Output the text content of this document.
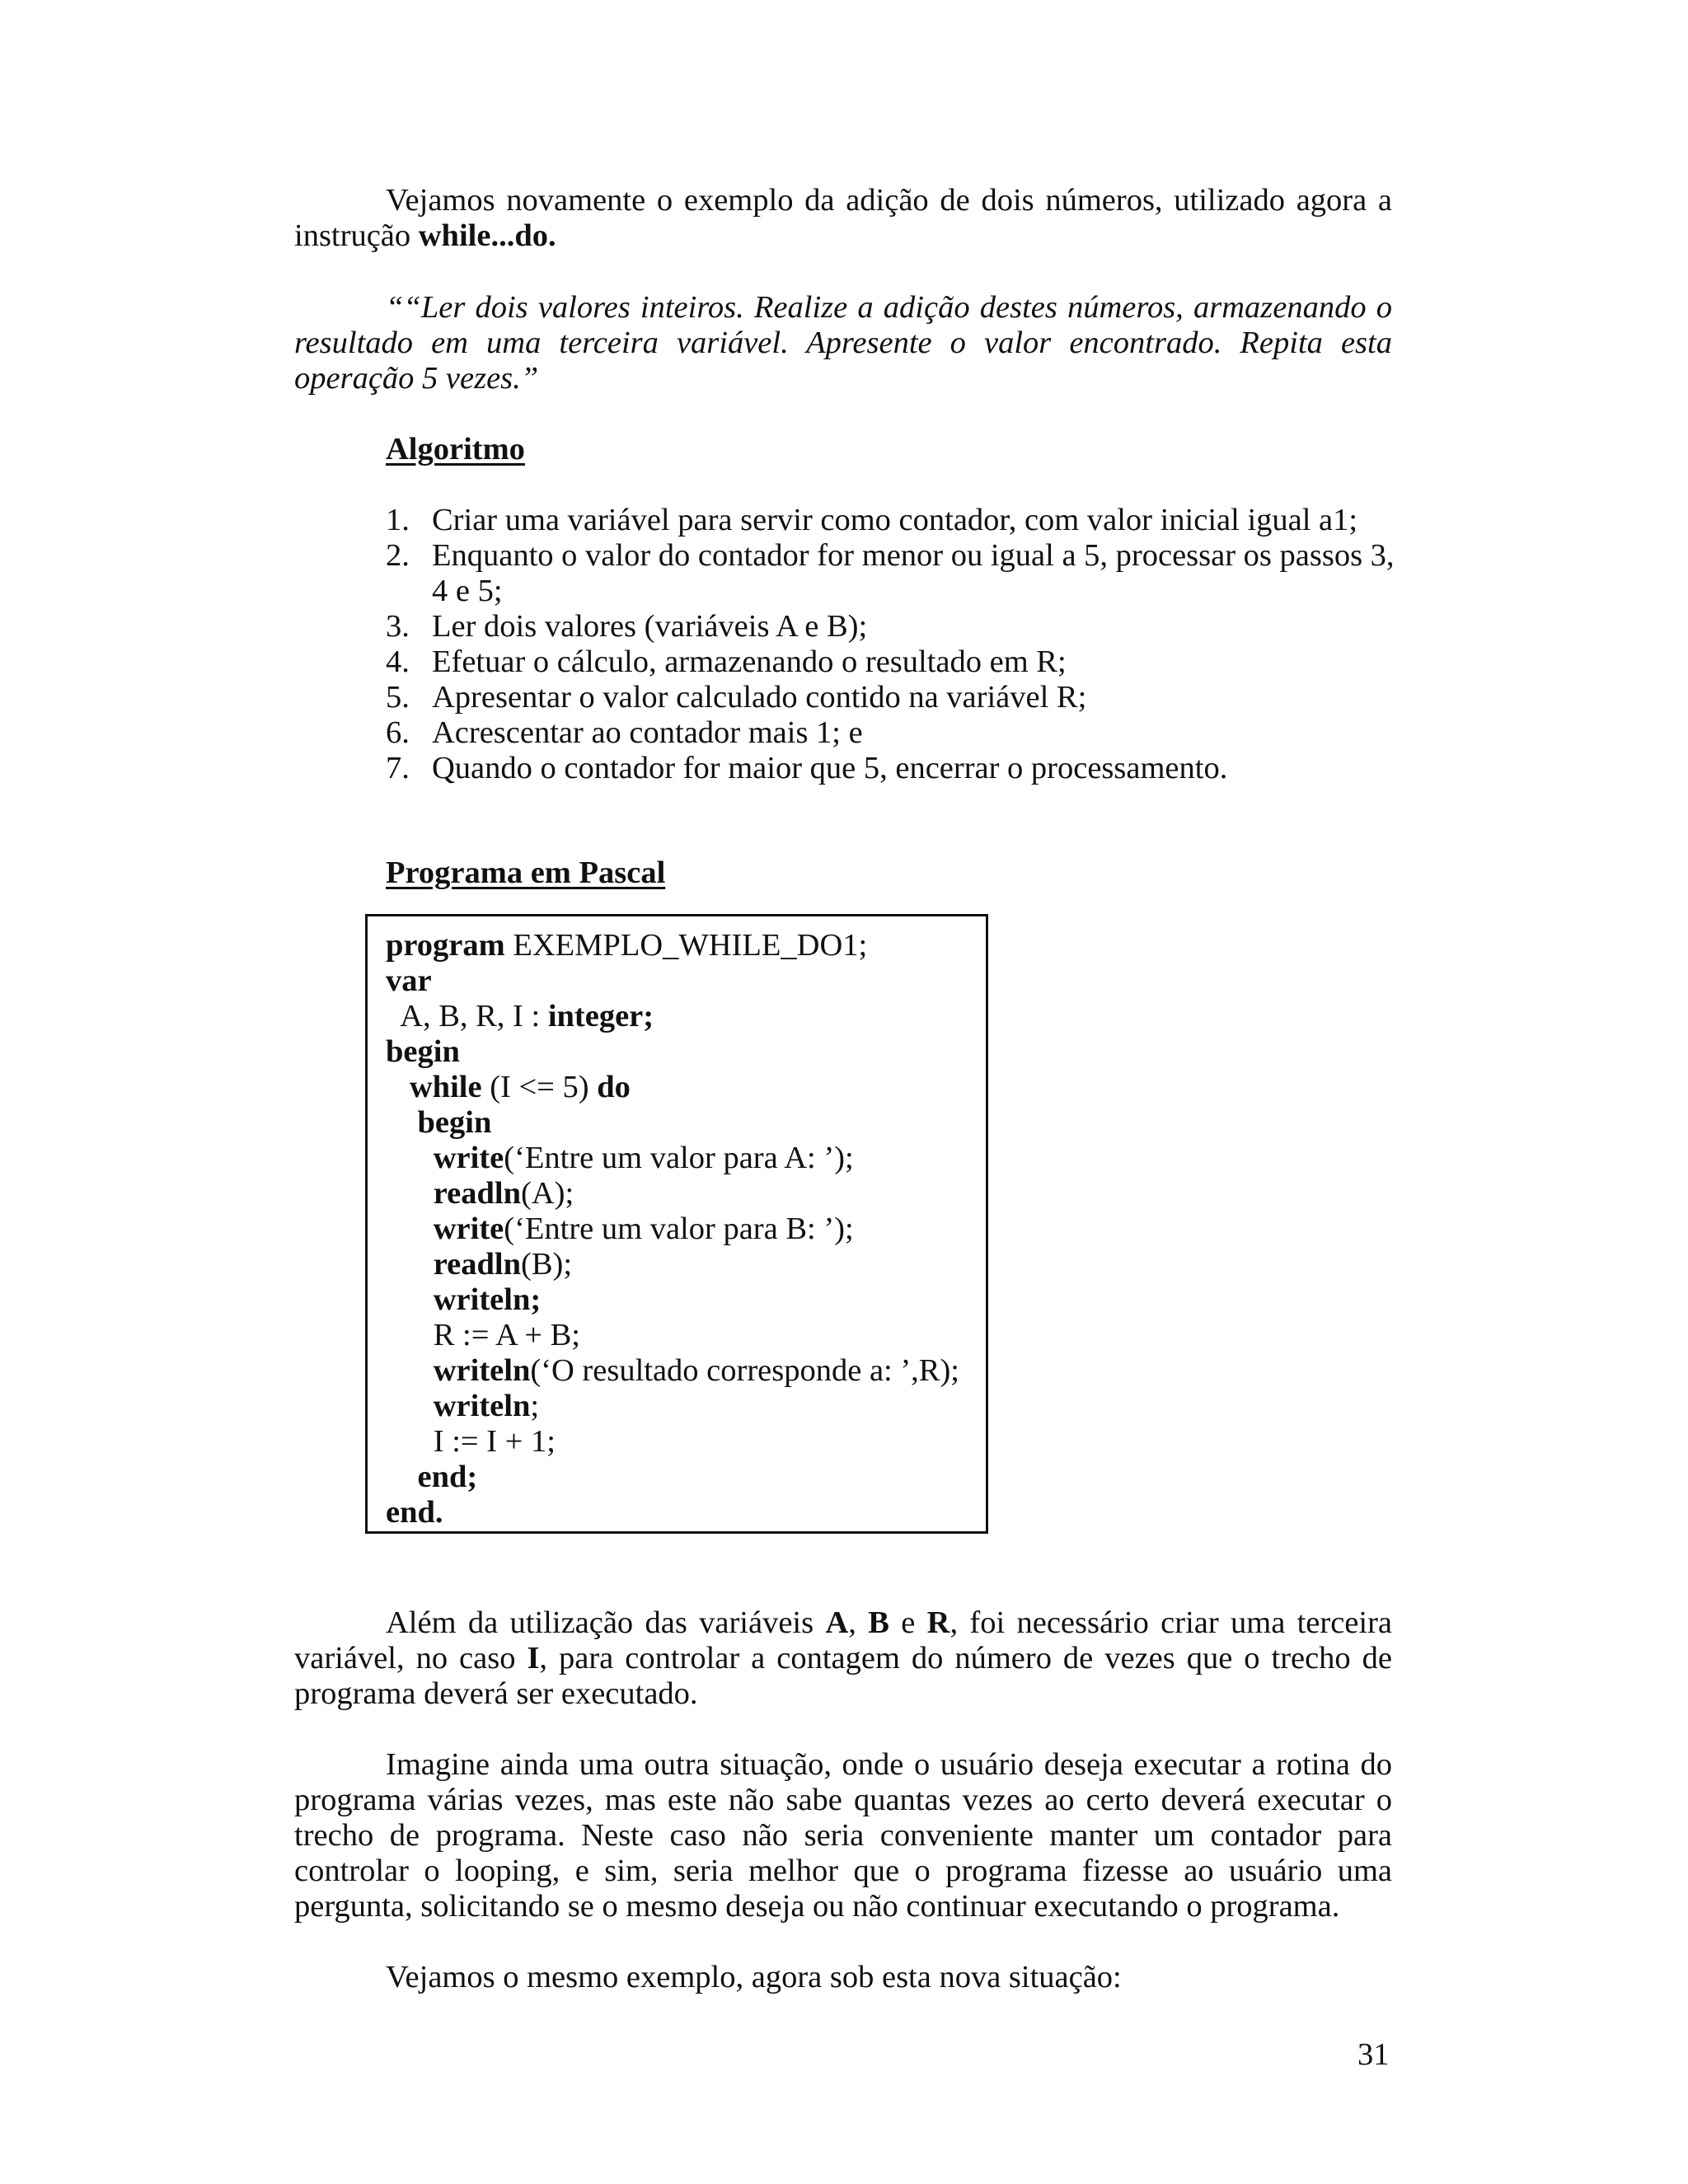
Vejamos novamente o exemplo da adição de dois números, utilizado agora a instrução while...do.

““Ler dois valores inteiros. Realize a adição destes números, armazenando o resultado em uma terceira variável. Apresente o valor encontrado. Repita esta operação 5 vezes.”

Algoritmo

1. Criar uma variável para servir como contador, com valor inicial igual a1;
2. Enquanto o valor do contador for menor ou igual a 5, processar os passos 3, 4 e 5;
3. Ler dois valores (variáveis A e B);
4. Efetuar o cálculo, armazenando o resultado em R;
5. Apresentar o valor calculado contido na variável R;
6. Acrescentar ao contador mais 1; e
7. Quando o contador for maior que 5, encerrar o processamento.

Programa em Pascal

program EXEMPLO_WHILE_DO1;
var
A, B, R, I : integer;
begin
while (I <= 5) do
begin
write(‘Entre um valor para A: ’);
readln(A);
write(‘Entre um valor para B: ’);
readln(B);
writeln;
R := A + B;
writeln(‘O resultado corresponde a: ’,R);
writeln;
I := I + 1;
end;
end.

Além da utilização das variáveis A, B e R, foi necessário criar uma terceira variável, no caso I, para controlar a contagem do número de vezes que o trecho de programa deverá ser executado.

Imagine ainda uma outra situação, onde o usuário deseja executar a rotina do programa várias vezes, mas este não sabe quantas vezes ao certo deverá executar o trecho de programa. Neste caso não seria conveniente manter um contador para controlar o looping, e sim, seria melhor que o programa fizesse ao usuário uma pergunta, solicitando se o mesmo deseja ou não continuar executando o programa.

Vejamos o mesmo exemplo, agora sob esta nova situação:

31
